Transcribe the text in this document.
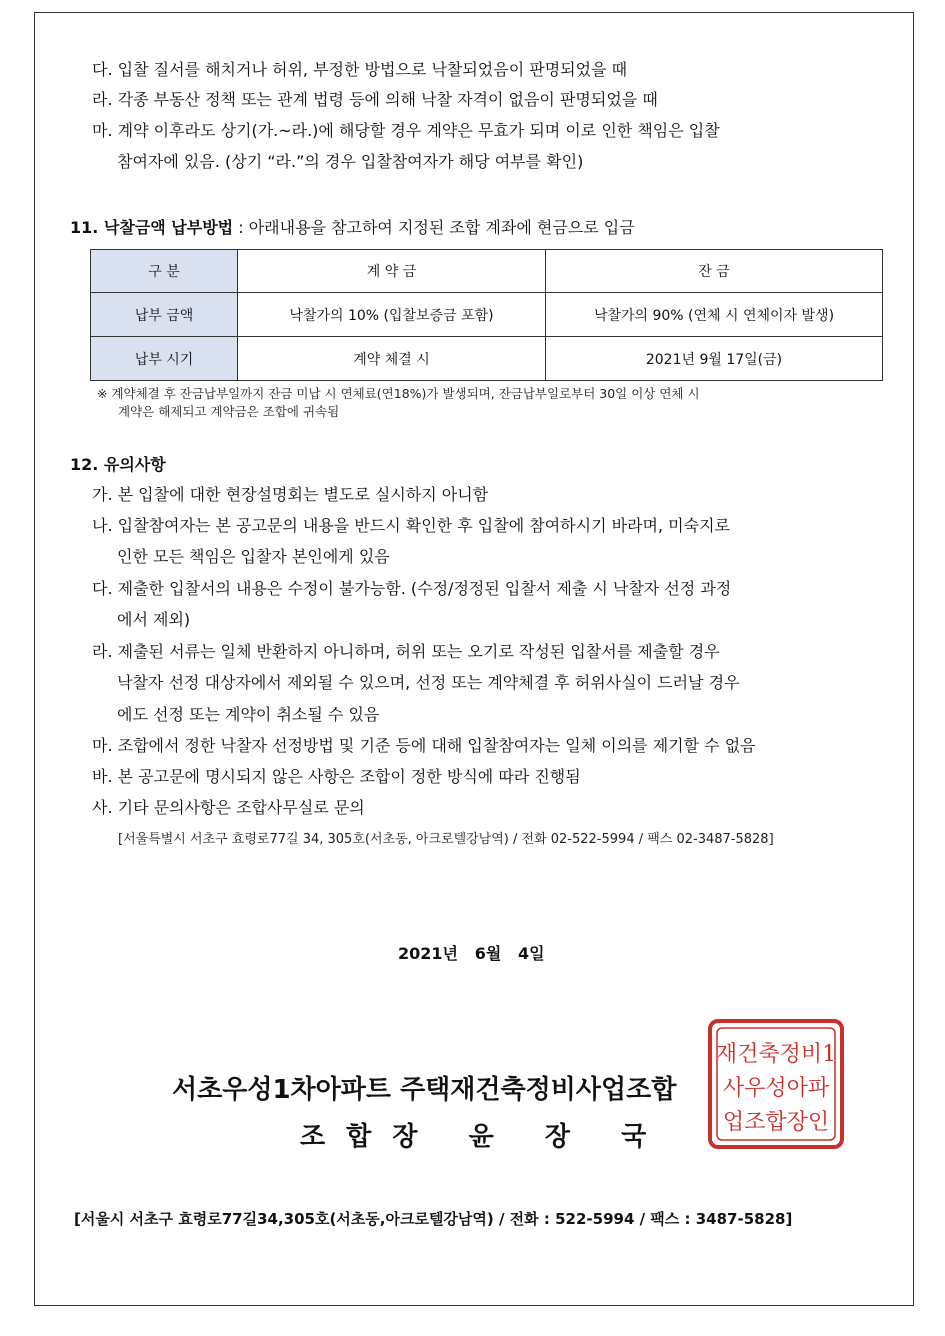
다. 입찰 질서를 해치거나 허위, 부정한 방법으로 낙찰되었음이 판명되었을 때
라. 각종 부동산 정책 또는 관계 법령 등에 의해 낙찰 자격이 없음이 판명되었을 때
마. 계약 이후라도 상기(가.~라.)에 해당할 경우 계약은 무효가 되며 이로 인한 책임은 입찰
참여자에 있음. (상기 “라.”의 경우 입찰참여자가 해당 여부를 확인)
11. 낙찰금액 납부방법 : 아래내용을 참고하여 지정된 조합 계좌에 현금으로 입금
구 분	계 약 금	잔 금
납부 금액	낙찰가의 10% (입찰보증금 포함)	낙찰가의 90% (연체 시 연체이자 발생)
납부 시기	계약 체결 시	2021년 9월 17일(금)
※ 계약체결 후 잔금납부일까지 잔금 미납 시 연체료(연18%)가 발생되며, 잔금납부일로부터 30일 이상 연체 시
계약은 해제되고 계약금은 조합에 귀속됨
12. 유의사항
가. 본 입찰에 대한 현장설명회는 별도로 실시하지 아니함
나. 입찰참여자는 본 공고문의 내용을 반드시 확인한 후 입찰에 참여하시기 바라며, 미숙지로
인한 모든 책임은 입찰자 본인에게 있음
다. 제출한 입찰서의 내용은 수정이 불가능함. (수정/정정된 입찰서 제출 시 낙찰자 선정 과정
에서 제외)
라. 제출된 서류는 일체 반환하지 아니하며, 허위 또는 오기로 작성된 입찰서를 제출할 경우
낙찰자 선정 대상자에서 제외될 수 있으며, 선정 또는 계약체결 후 허위사실이 드러날 경우
에도 선정 또는 계약이 취소될 수 있음
마. 조합에서 정한 낙찰자 선정방법 및 기준 등에 대해 입찰참여자는 일체 이의를 제기할 수 없음
바. 본 공고문에 명시되지 않은 사항은 조합이 정한 방식에 따라 진행됨
사. 기타 문의사항은 조합사무실로 문의
[서울특별시 서초구 효령로77길 34, 305호(서초동, 아크로텔강남역) / 전화 02-522-5994 / 팩스 02-3487-5828]
2021년   6월   4일
재건축정비1
사우성아파
업조합장인
서초우성1차아파트 주택재건축정비사업조합
조 합 장   윤   장   국
[서울시 서초구 효령로77길34,305호(서초동,아크로텔강남역) / 전화 : 522-5994 / 팩스 : 3487-5828]
